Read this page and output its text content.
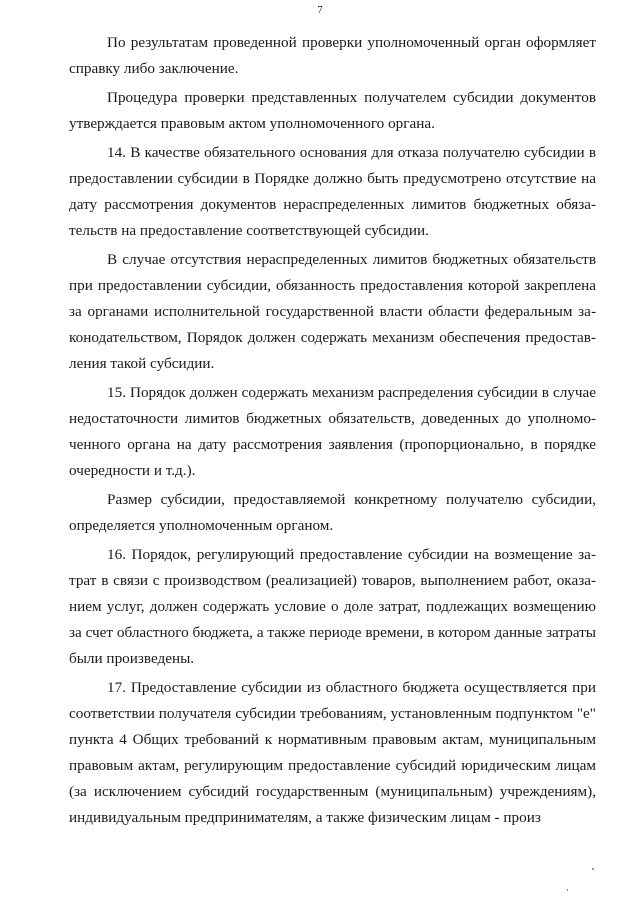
7

По результатам проведенной проверки уполномоченный орган оформляет справку либо заключение.

Процедура проверки представленных получателем субсидии документов утверждается правовым актом уполномоченного органа.

14. В качестве обязательного основания для отказа получателю субсидии в предоставлении субсидии в Порядке должно быть предусмотрено отсутствие на дату рассмотрения документов нераспределенных лимитов бюджетных обязательств на предоставление соответствующей субсидии.

В случае отсутствия нераспределенных лимитов бюджетных обязательств при предоставлении субсидии, обязанность предоставления которой закреплена за органами исполнительной государственной власти области федеральным законодательством, Порядок должен содержать механизм обеспечения предоставления такой субсидии.

15. Порядок должен содержать механизм распределения субсидии в случае недостаточности лимитов бюджетных обязательств, доведенных до уполномоченного органа на дату рассмотрения заявления (пропорционально, в порядке очередности и т.д.).

Размер субсидии, предоставляемой конкретному получателю субсидии, определяется уполномоченным органом.

16. Порядок, регулирующий предоставление субсидии на возмещение затрат в связи с производством (реализацией) товаров, выполнением работ, оказанием услуг, должен содержать условие о доле затрат, подлежащих возмещению за счет областного бюджета, а также периоде времени, в котором данные затраты были произведены.

17. Предоставление субсидии из областного бюджета осуществляется при соответствии получателя субсидии требованиям, установленным подпунктом "е" пункта 4 Общих требований к нормативным правовым актам, муниципальным правовым актам, регулирующим предоставление субсидий юридическим лицам (за исключением субсидий государственным (муниципальным) учреждениям), индивидуальным предпринимателям, а также физическим лицам - произ
